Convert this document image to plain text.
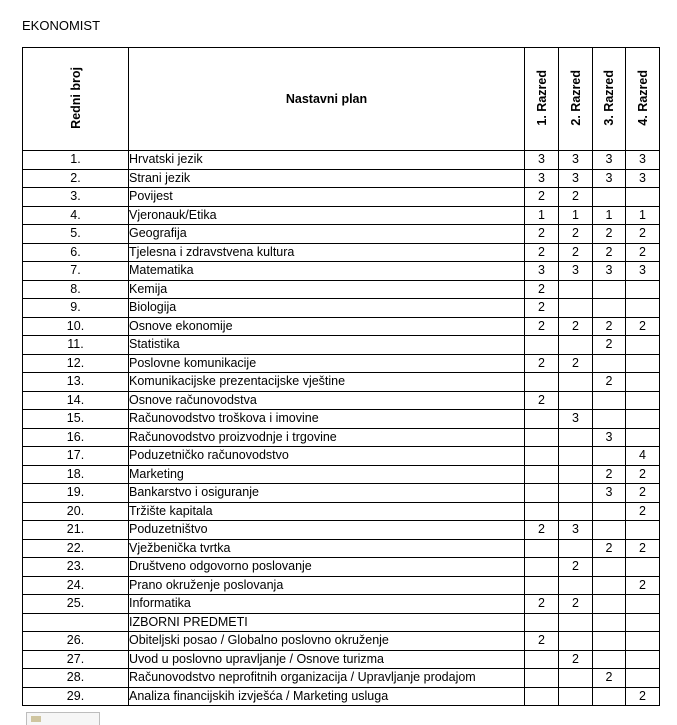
EKONOMIST
Redni broj	Nastavni plan	1. Razred	2. Razred	3. Razred	4. Razred
1.	Hrvatski jezik	3	3	3	3
2.	Strani jezik	3	3	3	3
3.	Povijest	2	2		
4.	Vjeronauk/Etika	1	1	1	1
5.	Geografija	2	2	2	2
6.	Tjelesna i zdravstvena kultura	2	2	2	2
7.	Matematika	3	3	3	3
8.	Kemija	2			
9.	Biologija	2			
10.	Osnove ekonomije	2	2	2	2
11.	Statistika			2	
12.	Poslovne komunikacije	2	2		
13.	Komunikacijske prezentacijske vještine			2	
14.	Osnove računovodstva	2			
15.	Računovodstvo troškova i imovine		3		
16.	Računovodstvo proizvodnje i trgovine			3	
17.	Poduzetničko računovodstvo				4
18.	Marketing			2	2
19.	Bankarstvo i osiguranje			3	2
20.	Tržište kapitala				2
21.	Poduzetništvo	2	3		
22.	Vježbenička tvrtka			2	2
23.	Društveno odgovorno poslovanje		2		
24.	Prano okruženje poslovanja				2
25.	Informatika	2	2		
	IZBORNI PREDMETI				
26.	Obiteljski posao / Globalno poslovno okruženje	2			
27.	Uvod u poslovno upravljanje / Osnove turizma		2		
28.	Računovodstvo neprofitnih organizacija / Upravljanje prodajom			2	
29.	Analiza financijskih izvješća / Marketing usluga				2
